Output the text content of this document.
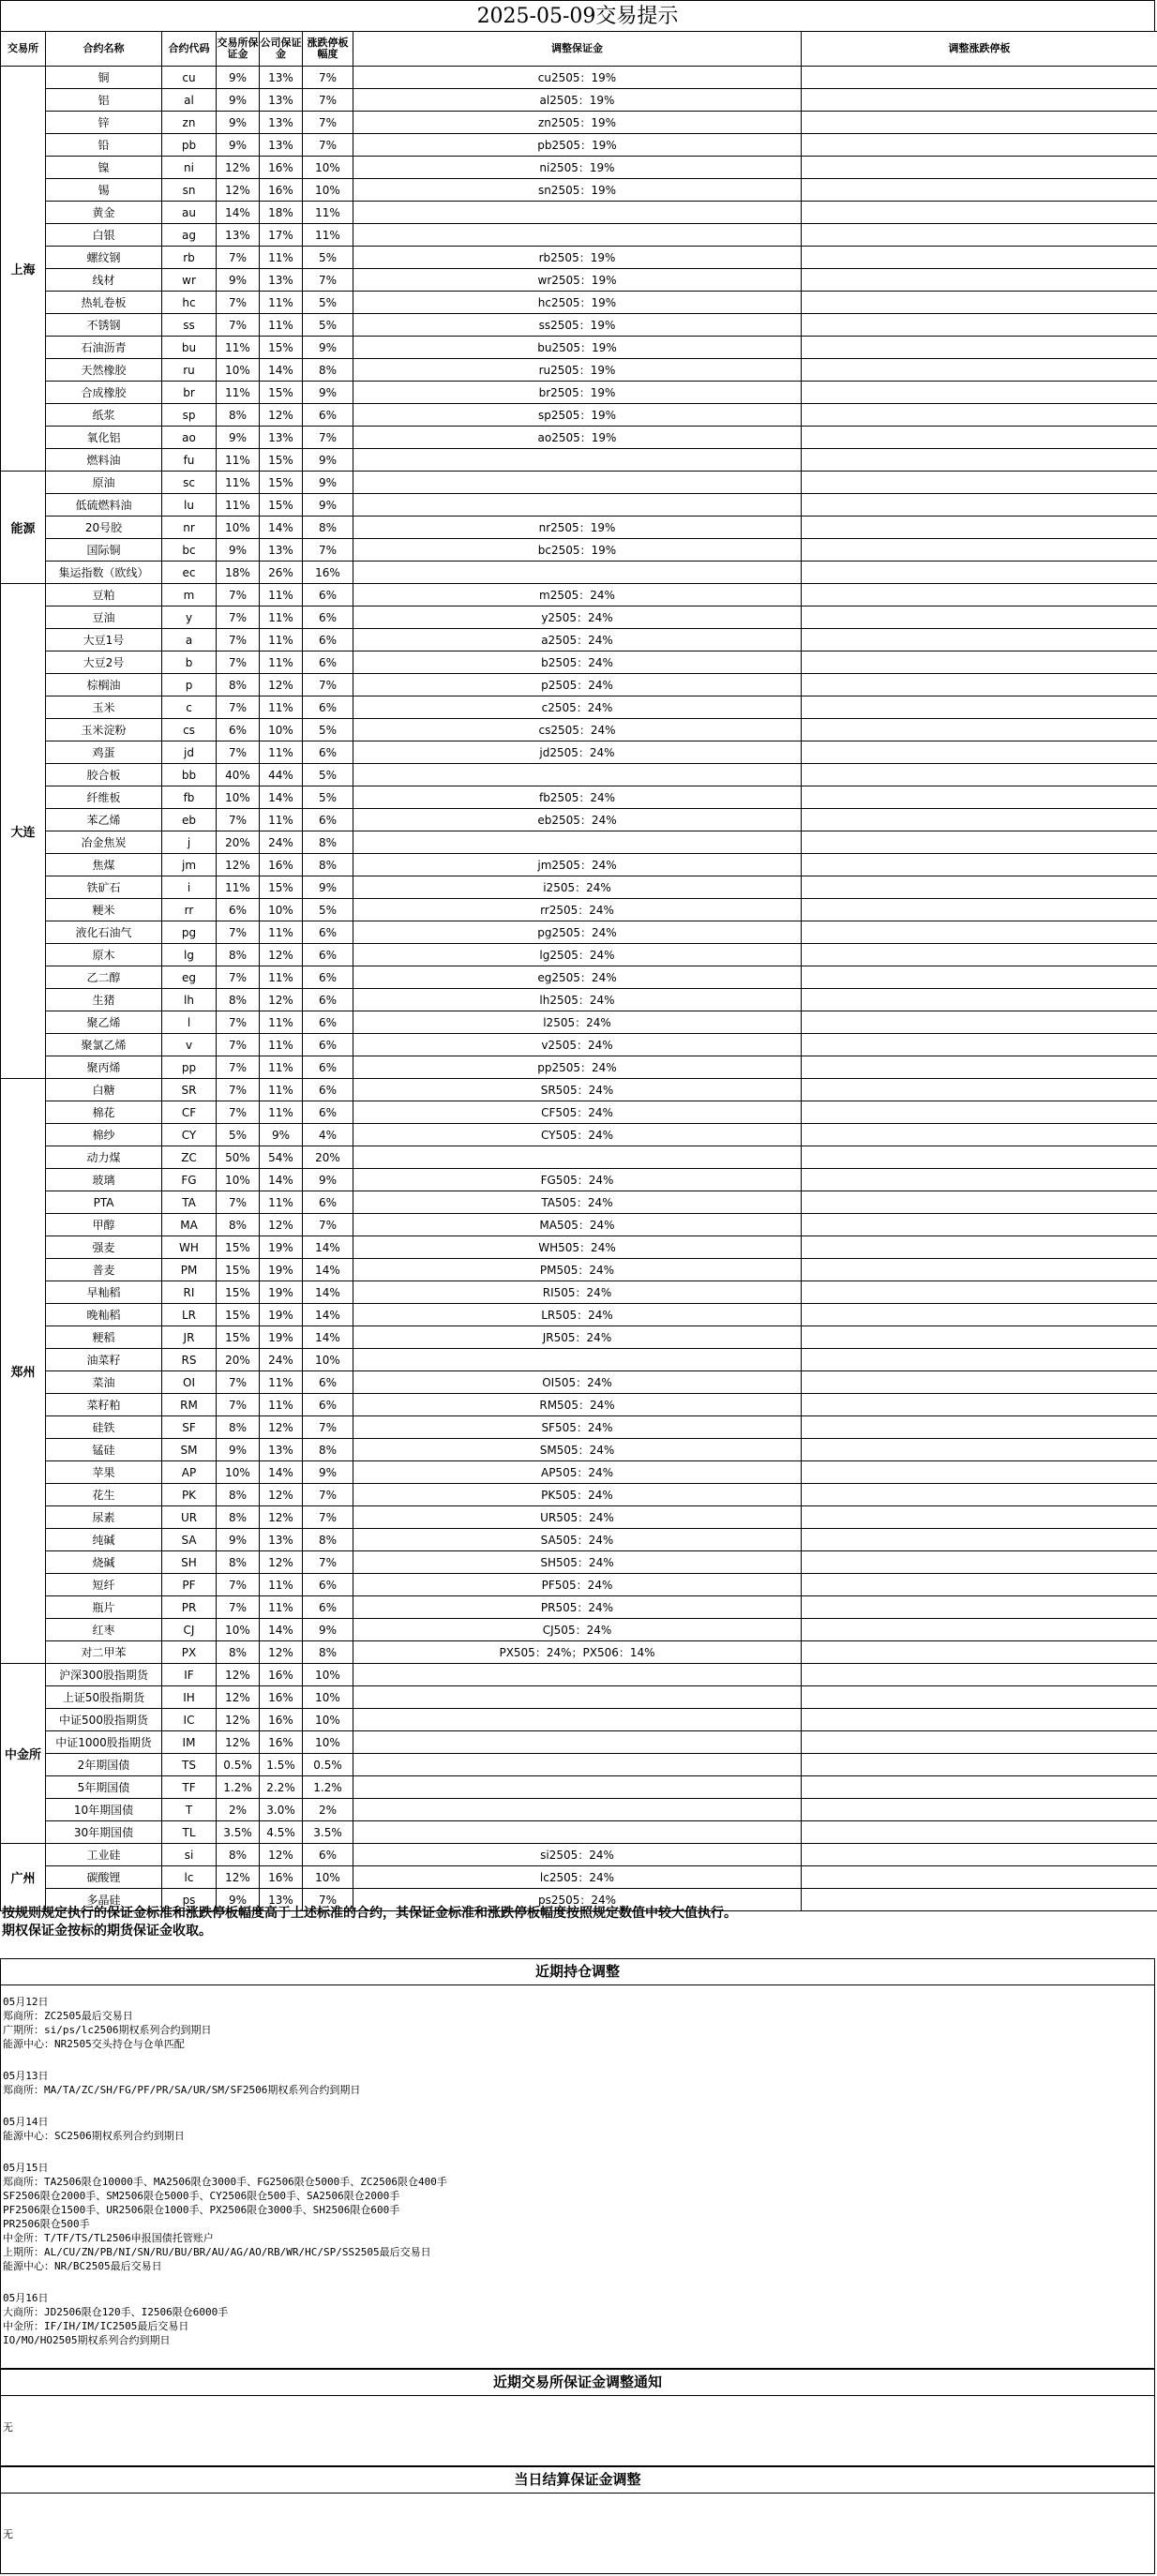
2025-05-09交易提示
交易所	合约名称	合约代码	交易所保证金	公司保证金	涨跌停板幅度	调整保证金	调整涨跌停板
上海	铜	cu	9%	13%	7%	cu2505：19%	
	铝	al	9%	13%	7%	al2505：19%	
	锌	zn	9%	13%	7%	zn2505：19%	
	铅	pb	9%	13%	7%	pb2505：19%	
	镍	ni	12%	16%	10%	ni2505：19%	
	锡	sn	12%	16%	10%	sn2505：19%	
	黄金	au	14%	18%	11%		
	白银	ag	13%	17%	11%		
	螺纹钢	rb	7%	11%	5%	rb2505：19%	
	线材	wr	9%	13%	7%	wr2505：19%	
	热轧卷板	hc	7%	11%	5%	hc2505：19%	
	不锈钢	ss	7%	11%	5%	ss2505：19%	
	石油沥青	bu	11%	15%	9%	bu2505：19%	
	天然橡胶	ru	10%	14%	8%	ru2505：19%	
	合成橡胶	br	11%	15%	9%	br2505：19%	
	纸浆	sp	8%	12%	6%	sp2505：19%	
	氧化铝	ao	9%	13%	7%	ao2505：19%	
	燃料油	fu	11%	15%	9%		
能源	原油	sc	11%	15%	9%		
	低硫燃料油	lu	11%	15%	9%		
	20号胶	nr	10%	14%	8%	nr2505：19%	
	国际铜	bc	9%	13%	7%	bc2505：19%	
	集运指数（欧线）	ec	18%	26%	16%		
大连	豆粕	m	7%	11%	6%	m2505：24%	
	豆油	y	7%	11%	6%	y2505：24%	
	大豆1号	a	7%	11%	6%	a2505：24%	
	大豆2号	b	7%	11%	6%	b2505：24%	
	棕榈油	p	8%	12%	7%	p2505：24%	
	玉米	c	7%	11%	6%	c2505：24%	
	玉米淀粉	cs	6%	10%	5%	cs2505：24%	
	鸡蛋	jd	7%	11%	6%	jd2505：24%	
	胶合板	bb	40%	44%	5%		
	纤维板	fb	10%	14%	5%	fb2505：24%	
	苯乙烯	eb	7%	11%	6%	eb2505：24%	
	冶金焦炭	j	20%	24%	8%		
	焦煤	jm	12%	16%	8%	jm2505：24%	
	铁矿石	i	11%	15%	9%	i2505：24%	
	粳米	rr	6%	10%	5%	rr2505：24%	
	液化石油气	pg	7%	11%	6%	pg2505：24%	
	原木	lg	8%	12%	6%	lg2505：24%	
	乙二醇	eg	7%	11%	6%	eg2505：24%	
	生猪	lh	8%	12%	6%	lh2505：24%	
	聚乙烯	l	7%	11%	6%	l2505：24%	
	聚氯乙烯	v	7%	11%	6%	v2505：24%	
	聚丙烯	pp	7%	11%	6%	pp2505：24%	
郑州	白糖	SR	7%	11%	6%	SR505：24%	
	棉花	CF	7%	11%	6%	CF505：24%	
	棉纱	CY	5%	9%	4%	CY505：24%	
	动力煤	ZC	50%	54%	20%		
	玻璃	FG	10%	14%	9%	FG505：24%	
	PTA	TA	7%	11%	6%	TA505：24%	
	甲醇	MA	8%	12%	7%	MA505：24%	
	强麦	WH	15%	19%	14%	WH505：24%	
	普麦	PM	15%	19%	14%	PM505：24%	
	早籼稻	RI	15%	19%	14%	RI505：24%	
	晚籼稻	LR	15%	19%	14%	LR505：24%	
	粳稻	JR	15%	19%	14%	JR505：24%	
	油菜籽	RS	20%	24%	10%		
	菜油	OI	7%	11%	6%	OI505：24%	
	菜籽粕	RM	7%	11%	6%	RM505：24%	
	硅铁	SF	8%	12%	7%	SF505：24%	
	锰硅	SM	9%	13%	8%	SM505：24%	
	苹果	AP	10%	14%	9%	AP505：24%	
	花生	PK	8%	12%	7%	PK505：24%	
	尿素	UR	8%	12%	7%	UR505：24%	
	纯碱	SA	9%	13%	8%	SA505：24%	
	烧碱	SH	8%	12%	7%	SH505：24%	
	短纤	PF	7%	11%	6%	PF505：24%	
	瓶片	PR	7%	11%	6%	PR505：24%	
	红枣	CJ	10%	14%	9%	CJ505：24%	
	对二甲苯	PX	8%	12%	8%	PX505：24%；PX506：14%	
中金所	沪深300股指期货	IF	12%	16%	10%		
	上证50股指期货	IH	12%	16%	10%		
	中证500股指期货	IC	12%	16%	10%		
	中证1000股指期货	IM	12%	16%	10%		
	2年期国债	TS	0.5%	1.5%	0.5%		
	5年期国债	TF	1.2%	2.2%	1.2%		
	10年期国债	T	2%	3.0%	2%		
	30年期国债	TL	3.5%	4.5%	3.5%		
广州	工业硅	si	8%	12%	6%	si2505：24%	
	碳酸锂	lc	12%	16%	10%	lc2505：24%	
	多晶硅	ps	9%	13%	7%	ps2505：24%	
按规则规定执行的保证金标准和涨跌停板幅度高于上述标准的合约，其保证金标准和涨跌停板幅度按照规定数值中较大值执行。
期权保证金按标的期货保证金收取。
近期持仓调整
05月12日
郑商所：ZC2505最后交易日
广期所：si/ps/lc2506期权系列合约到期日
能源中心：NR2505交头持仓与仓单匹配
05月13日
郑商所：MA/TA/ZC/SH/FG/PF/PR/SA/UR/SM/SF2506期权系列合约到期日
05月14日
能源中心：SC2506期权系列合约到期日
05月15日
郑商所：TA2506限仓10000手、MA2506限仓3000手、FG2506限仓5000手、ZC2506限仓400手
SF2506限仓2000手、SM2506限仓5000手、CY2506限仓500手、SA2506限仓2000手
PF2506限仓1500手、UR2506限仓1000手、PX2506限仓3000手、SH2506限仓600手
PR2506限仓500手
中金所：T/TF/TS/TL2506申报国债托管账户
上期所：AL/CU/ZN/PB/NI/SN/RU/BU/BR/AU/AG/AO/RB/WR/HC/SP/SS2505最后交易日
能源中心：NR/BC2505最后交易日
05月16日
大商所：JD2506限仓120手、I2506限仓6000手
中金所：IF/IH/IM/IC2505最后交易日
IO/MO/HO2505期权系列合约到期日
近期交易所保证金调整通知
无
当日结算保证金调整
无
